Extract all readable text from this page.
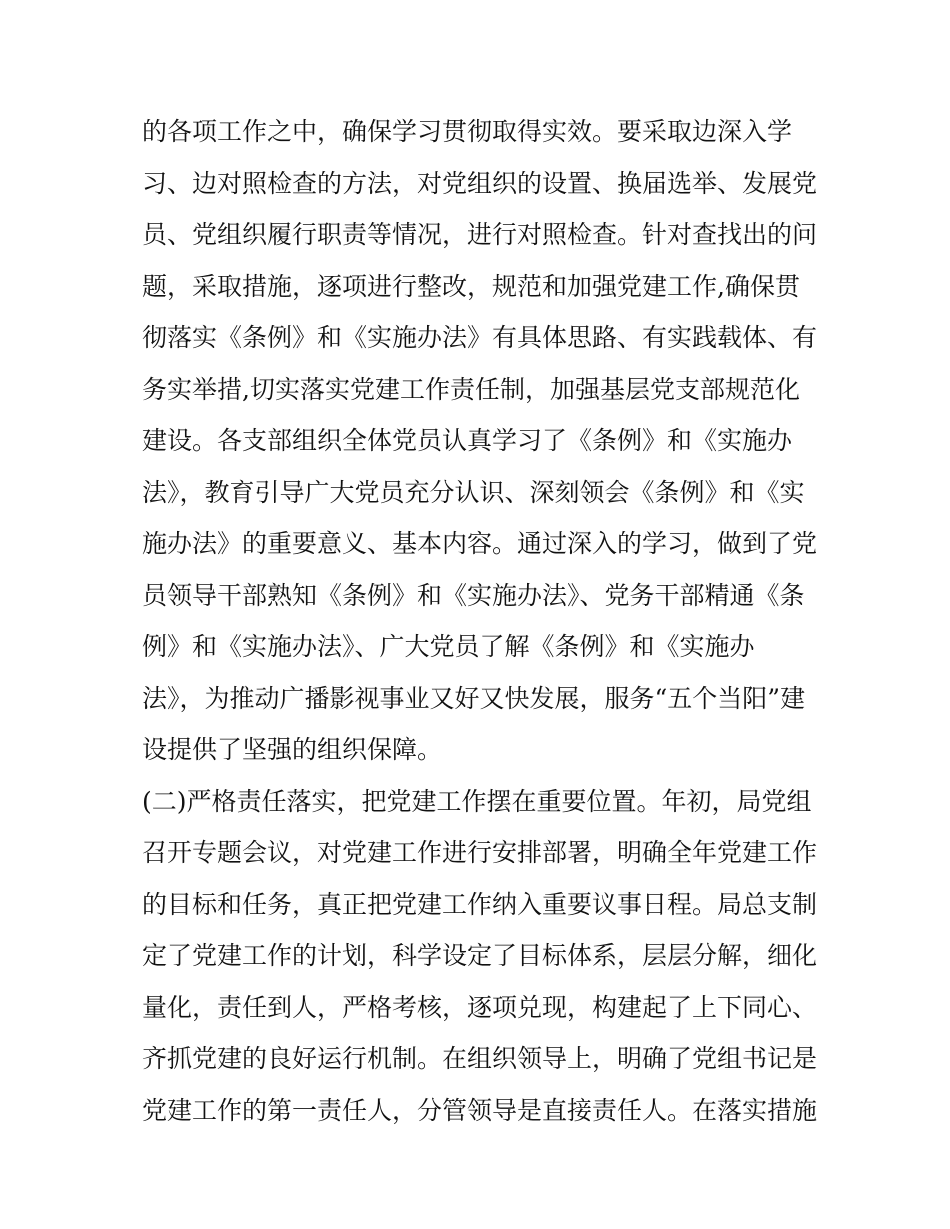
的各项工作之中，确保学习贯彻取得实效。要采取边深入学
习、边对照检查的方法，对党组织的设置、换届选举、发展党
员、党组织履行职责等情况，进行对照检查。针对查找出的问
题，采取措施，逐项进行整改，规范和加强党建工作,确保贯
彻落实《条例》和《实施办法》有具体思路、有实践载体、有
务实举措,切实落实党建工作责任制，加强基层党支部规范化
建设。各支部组织全体党员认真学习了《条例》和《实施办
法》，教育引导广大党员充分认识、深刻领会《条例》和《实
施办法》的重要意义、基本内容。通过深入的学习，做到了党
员领导干部熟知《条例》和《实施办法》、党务干部精通《条
例》和《实施办法》、广大党员了解《条例》和《实施办
法》，为推动广播影视事业又好又快发展，服务“五个当阳”建
设提供了坚强的组织保障。
(二)严格责任落实，把党建工作摆在重要位置。年初，局党组
召开专题会议，对党建工作进行安排部署，明确全年党建工作
的目标和任务，真正把党建工作纳入重要议事日程。局总支制
定了党建工作的计划，科学设定了目标体系，层层分解，细化
量化，责任到人，严格考核，逐项兑现，构建起了上下同心、
齐抓党建的良好运行机制。在组织领导上，明确了党组书记是
党建工作的第一责任人，分管领导是直接责任人。在落实措施
